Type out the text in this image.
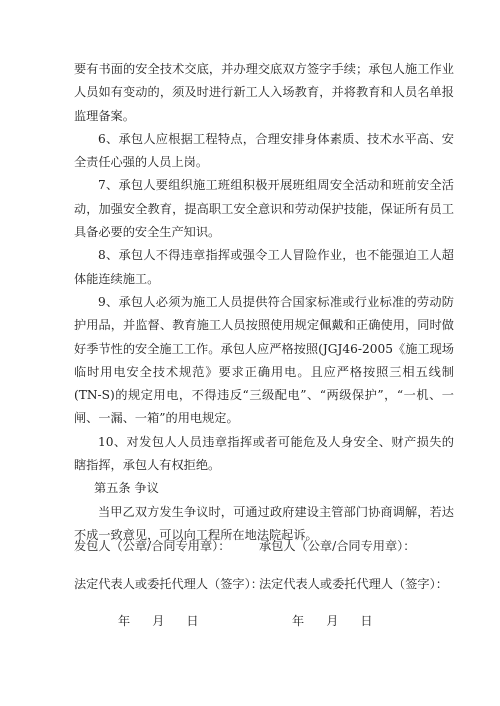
要有书面的安全技术交底，并办理交底双方签字手续；承包人施工作业人员如有变动的，须及时进行新工人入场教育，并将教育和人员名单报监理备案。

6、承包人应根据工程特点，合理安排身体素质、技术水平高、安全责任心强的人员上岗。

7、承包人要组织施工班组积极开展班组周安全活动和班前安全活动，加强安全教育，提高职工安全意识和劳动保护技能，保证所有员工具备必要的安全生产知识。

8、承包人不得违章指挥或强令工人冒险作业，也不能强迫工人超体能连续施工。

9、承包人必须为施工人员提供符合国家标准或行业标准的劳动防护用品，并监督、教育施工人员按照使用规定佩戴和正确使用，同时做好季节性的安全施工工作。承包人应严格按照(JGJ46-2005《施工现场临时用电安全技术规范》要求正确用电。且应严格按照三相五线制(TN-S)的规定用电，不得违反“三级配电”、“两级保护”，“一机、一闸、一漏、一箱”的用电规定。

10、对发包人人员违章指挥或者可能危及人身安全、财产损失的瞎指挥，承包人有权拒绝。

第五条 争议

当甲乙双方发生争议时，可通过政府建设主管部门协商调解，若达不成一致意见，可以向工程所在地法院起诉。

发包人（公章/合同专用章）： 承包人（公章/合同专用章）：
法定代表人或委托代理人（签字）：
法定代表人或委托代理人（签字）：
年 月 日	年 月 日
